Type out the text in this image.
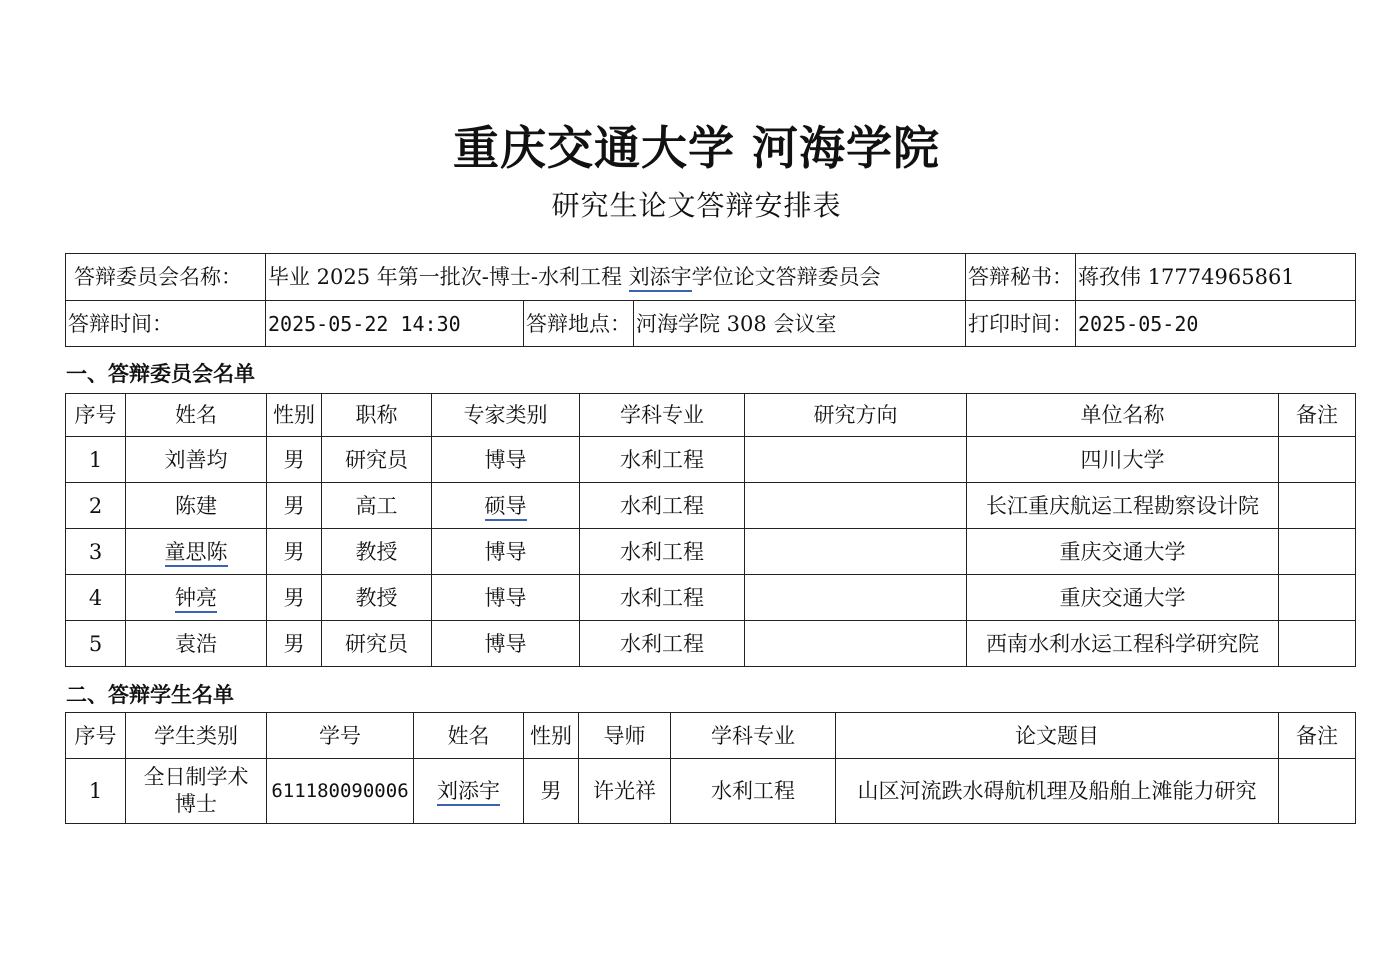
重庆交通大学 河海学院
研究生论文答辩安排表
答辩委员会名称：	毕业 2025 年第一批次-博士-水利工程 刘添宇学位论文答辩委员会			答辩秘书：	蒋孜伟 17774965861
答辩时间：	2025-05-22 14:30	答辩地点：	河海学院 308 会议室	打印时间：	2025-05-20
一、答辩委员会名单
序号	姓名	性别	职称	专家类别	学科专业	研究方向	单位名称	备注
1	刘善均	男	研究员	博导	水利工程		四川大学	
2	陈建	男	高工	硕导	水利工程		长江重庆航运工程勘察设计院	
3	童思陈	男	教授	博导	水利工程		重庆交通大学	
4	钟亮	男	教授	博导	水利工程		重庆交通大学	
5	袁浩	男	研究员	博导	水利工程		西南水利水运工程科学研究院	
二、答辩学生名单
序号	学生类别	学号	姓名	性别	导师	学科专业	论文题目	备注
1	全日制学术博士	611180090006	刘添宇	男	许光祥	水利工程	山区河流跌水碍航机理及船舶上滩能力研究	
